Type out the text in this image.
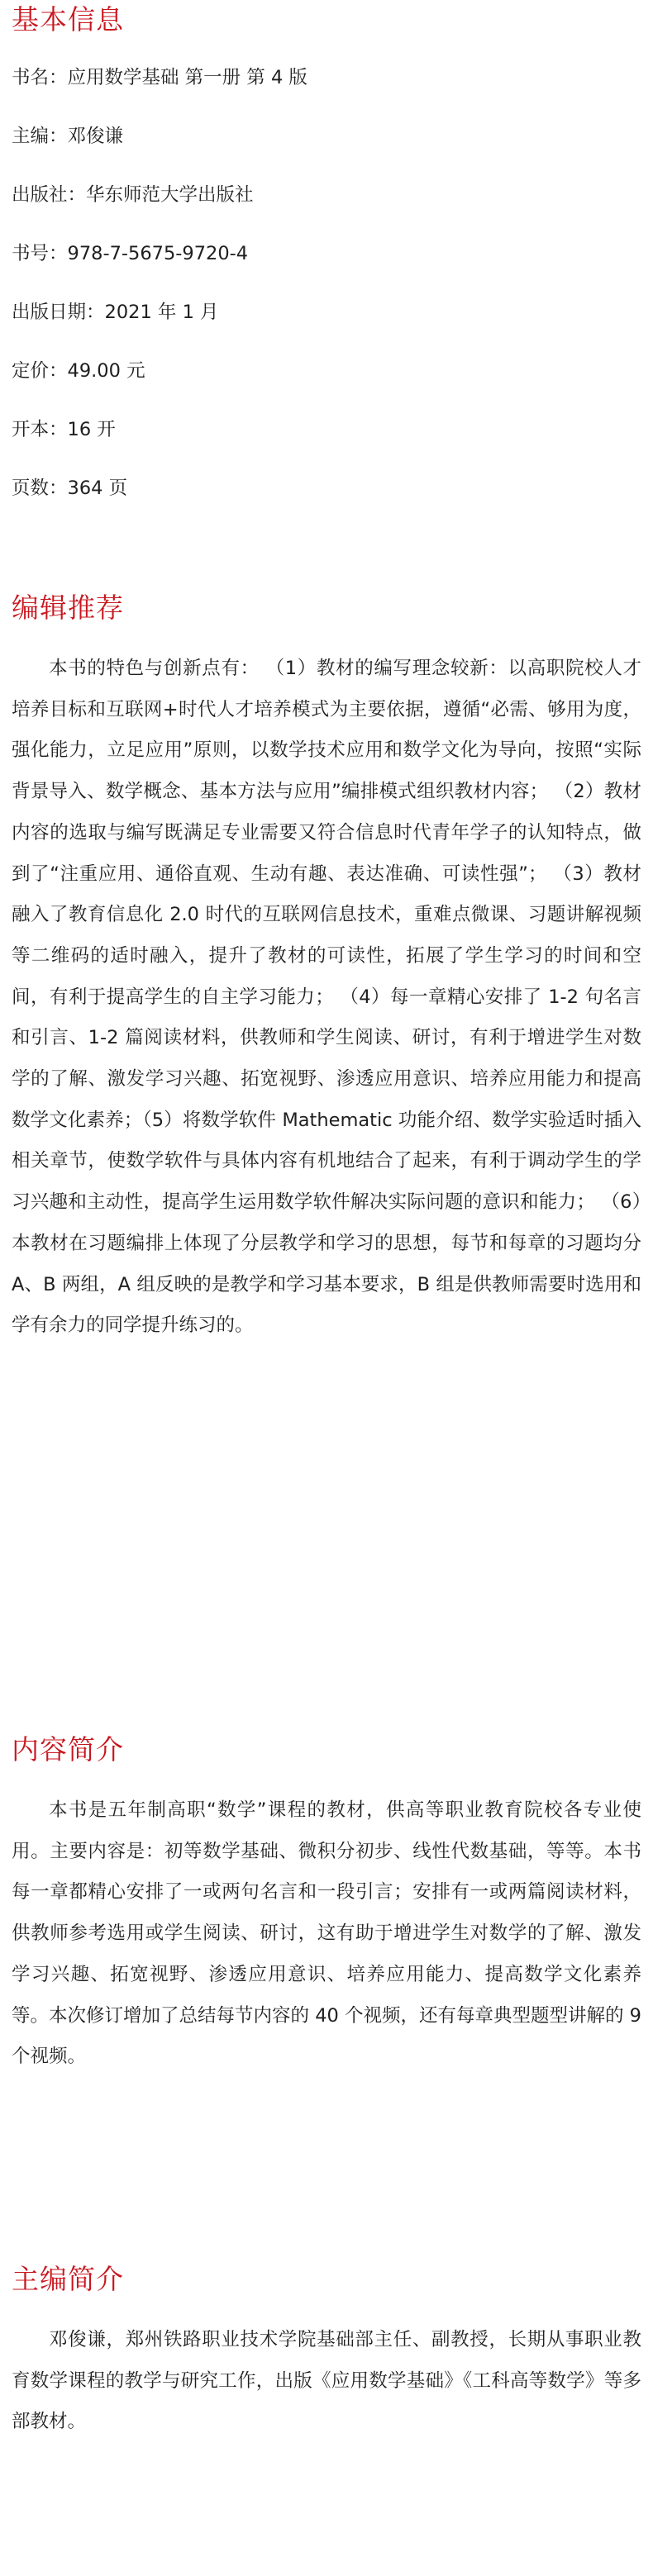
基本信息

书名：应用数学基础 第一册 第 4 版

主编：邓俊谦

出版社：华东师范大学出版社

书号：978-7-5675-9720-4

出版日期：2021 年 1 月

定价：49.00 元

开本：16 开

页数：364 页

编辑推荐

本书的特色与创新点有： （1）教材的编写理念较新：以高职院校人才培养目标和互联网+时代人才培养模式为主要依据，遵循“必需、够用为度，强化能力，立足应用”原则，以数学技术应用和数学文化为导向，按照“实际背景导入、数学概念、基本方法与应用”编排模式组织教材内容； （2）教材内容的选取与编写既满足专业需要又符合信息时代青年学子的认知特点，做到了“注重应用、通俗直观、生动有趣、表达准确、可读性强”； （3）教材融入了教育信息化 2.0 时代的互联网信息技术，重难点微课、习题讲解视频等二维码的适时融入，提升了教材的可读性，拓展了学生学习的时间和空间，有利于提高学生的自主学习能力； （4）每一章精心安排了 1-2 句名言和引言、1-2 篇阅读材料，供教师和学生阅读、研讨，有利于增进学生对数学的了解、激发学习兴趣、拓宽视野、渗透应用意识、培养应用能力和提高数学文化素养；（5）将数学软件 Mathematic 功能介绍、数学实验适时插入相关章节，使数学软件与具体内容有机地结合了起来，有利于调动学生的学习兴趣和主动性，提高学生运用数学软件解决实际问题的意识和能力； （6）本教材在习题编排上体现了分层教学和学习的思想，每节和每章的习题均分 A、B 两组，A 组反映的是教学和学习基本要求，B 组是供教师需要时选用和学有余力的同学提升练习的。

内容简介

本书是五年制高职“数学”课程的教材，供高等职业教育院校各专业使用。主要内容是：初等数学基础、微积分初步、线性代数基础，等等。本书每一章都精心安排了一或两句名言和一段引言；安排有一或两篇阅读材料，供教师参考选用或学生阅读、研讨，这有助于增进学生对数学的了解、激发学习兴趣、拓宽视野、渗透应用意识、培养应用能力、提高数学文化素养等。本次修订增加了总结每节内容的 40 个视频，还有每章典型题型讲解的 9 个视频。

主编简介

邓俊谦，郑州铁路职业技术学院基础部主任、副教授，长期从事职业教育数学课程的教学与研究工作，出版《应用数学基础》《工科高等数学》等多部教材。
